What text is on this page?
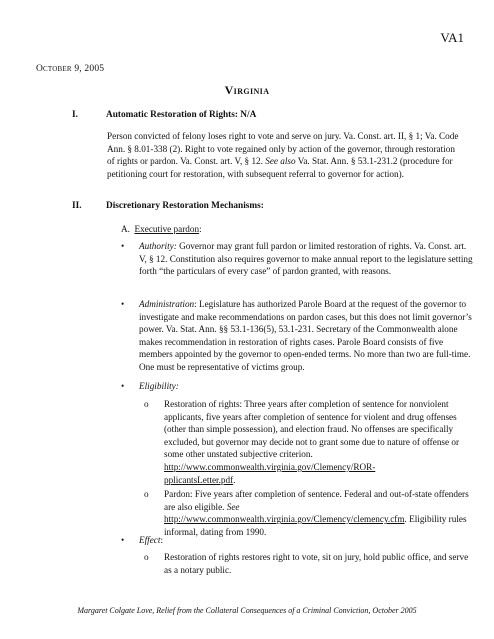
VA1
October 9, 2005
Virginia
I.	Automatic Restoration of Rights: N/A
Person convicted of felony loses right to vote and serve on jury. Va. Const. art. II, § 1; Va. Code Ann. § 8.01-338 (2). Right to vote regained only by action of the governor, through restoration of rights or pardon. Va. Const. art. V, § 12. See also Va. Stat. Ann. § 53.1-231.2 (procedure for petitioning court for restoration, with subsequent referral to governor for action).
II.	Discretionary Restoration Mechanisms:
A. Executive pardon:
• Authority: Governor may grant full pardon or limited restoration of rights. Va. Const. art. V, § 12. Constitution also requires governor to make annual report to the legislature setting forth “the particulars of every case” of pardon granted, with reasons.
• Administration: Legislature has authorized Parole Board at the request of the governor to investigate and make recommendations on pardon cases, but this does not limit governor’s power. Va. Stat. Ann. §§ 53.1-136(5), 53.1-231. Secretary of the Commonwealth alone makes recommendation in restoration of rights cases. Parole Board consists of five members appointed by the governor to open-ended terms. No more than two are full-time. One must be representative of victims group.
• Eligibility:
o Restoration of rights: Three years after completion of sentence for nonviolent applicants, five years after completion of sentence for violent and drug offenses (other than simple possession), and election fraud. No offenses are specifically excluded, but governor may decide not to grant some due to nature of offense or some other unstated subjective criterion.
http://www.commonwealth.virginia.gov/Clemency/ROR-
pplicantsLetter.pdf.
o Pardon: Five years after completion of sentence. Federal and out-of-state offenders are also eligible. See
http://www.commonwealth.virginia.gov/Clemency/clemency.cfm. Eligibility rules informal, dating from 1990.
• Effect:
o Restoration of rights restores right to vote, sit on jury, hold public office, and serve as a notary public.
Margaret Colgate Love, Relief from the Collateral Consequences of a Criminal Conviction, October 2005
